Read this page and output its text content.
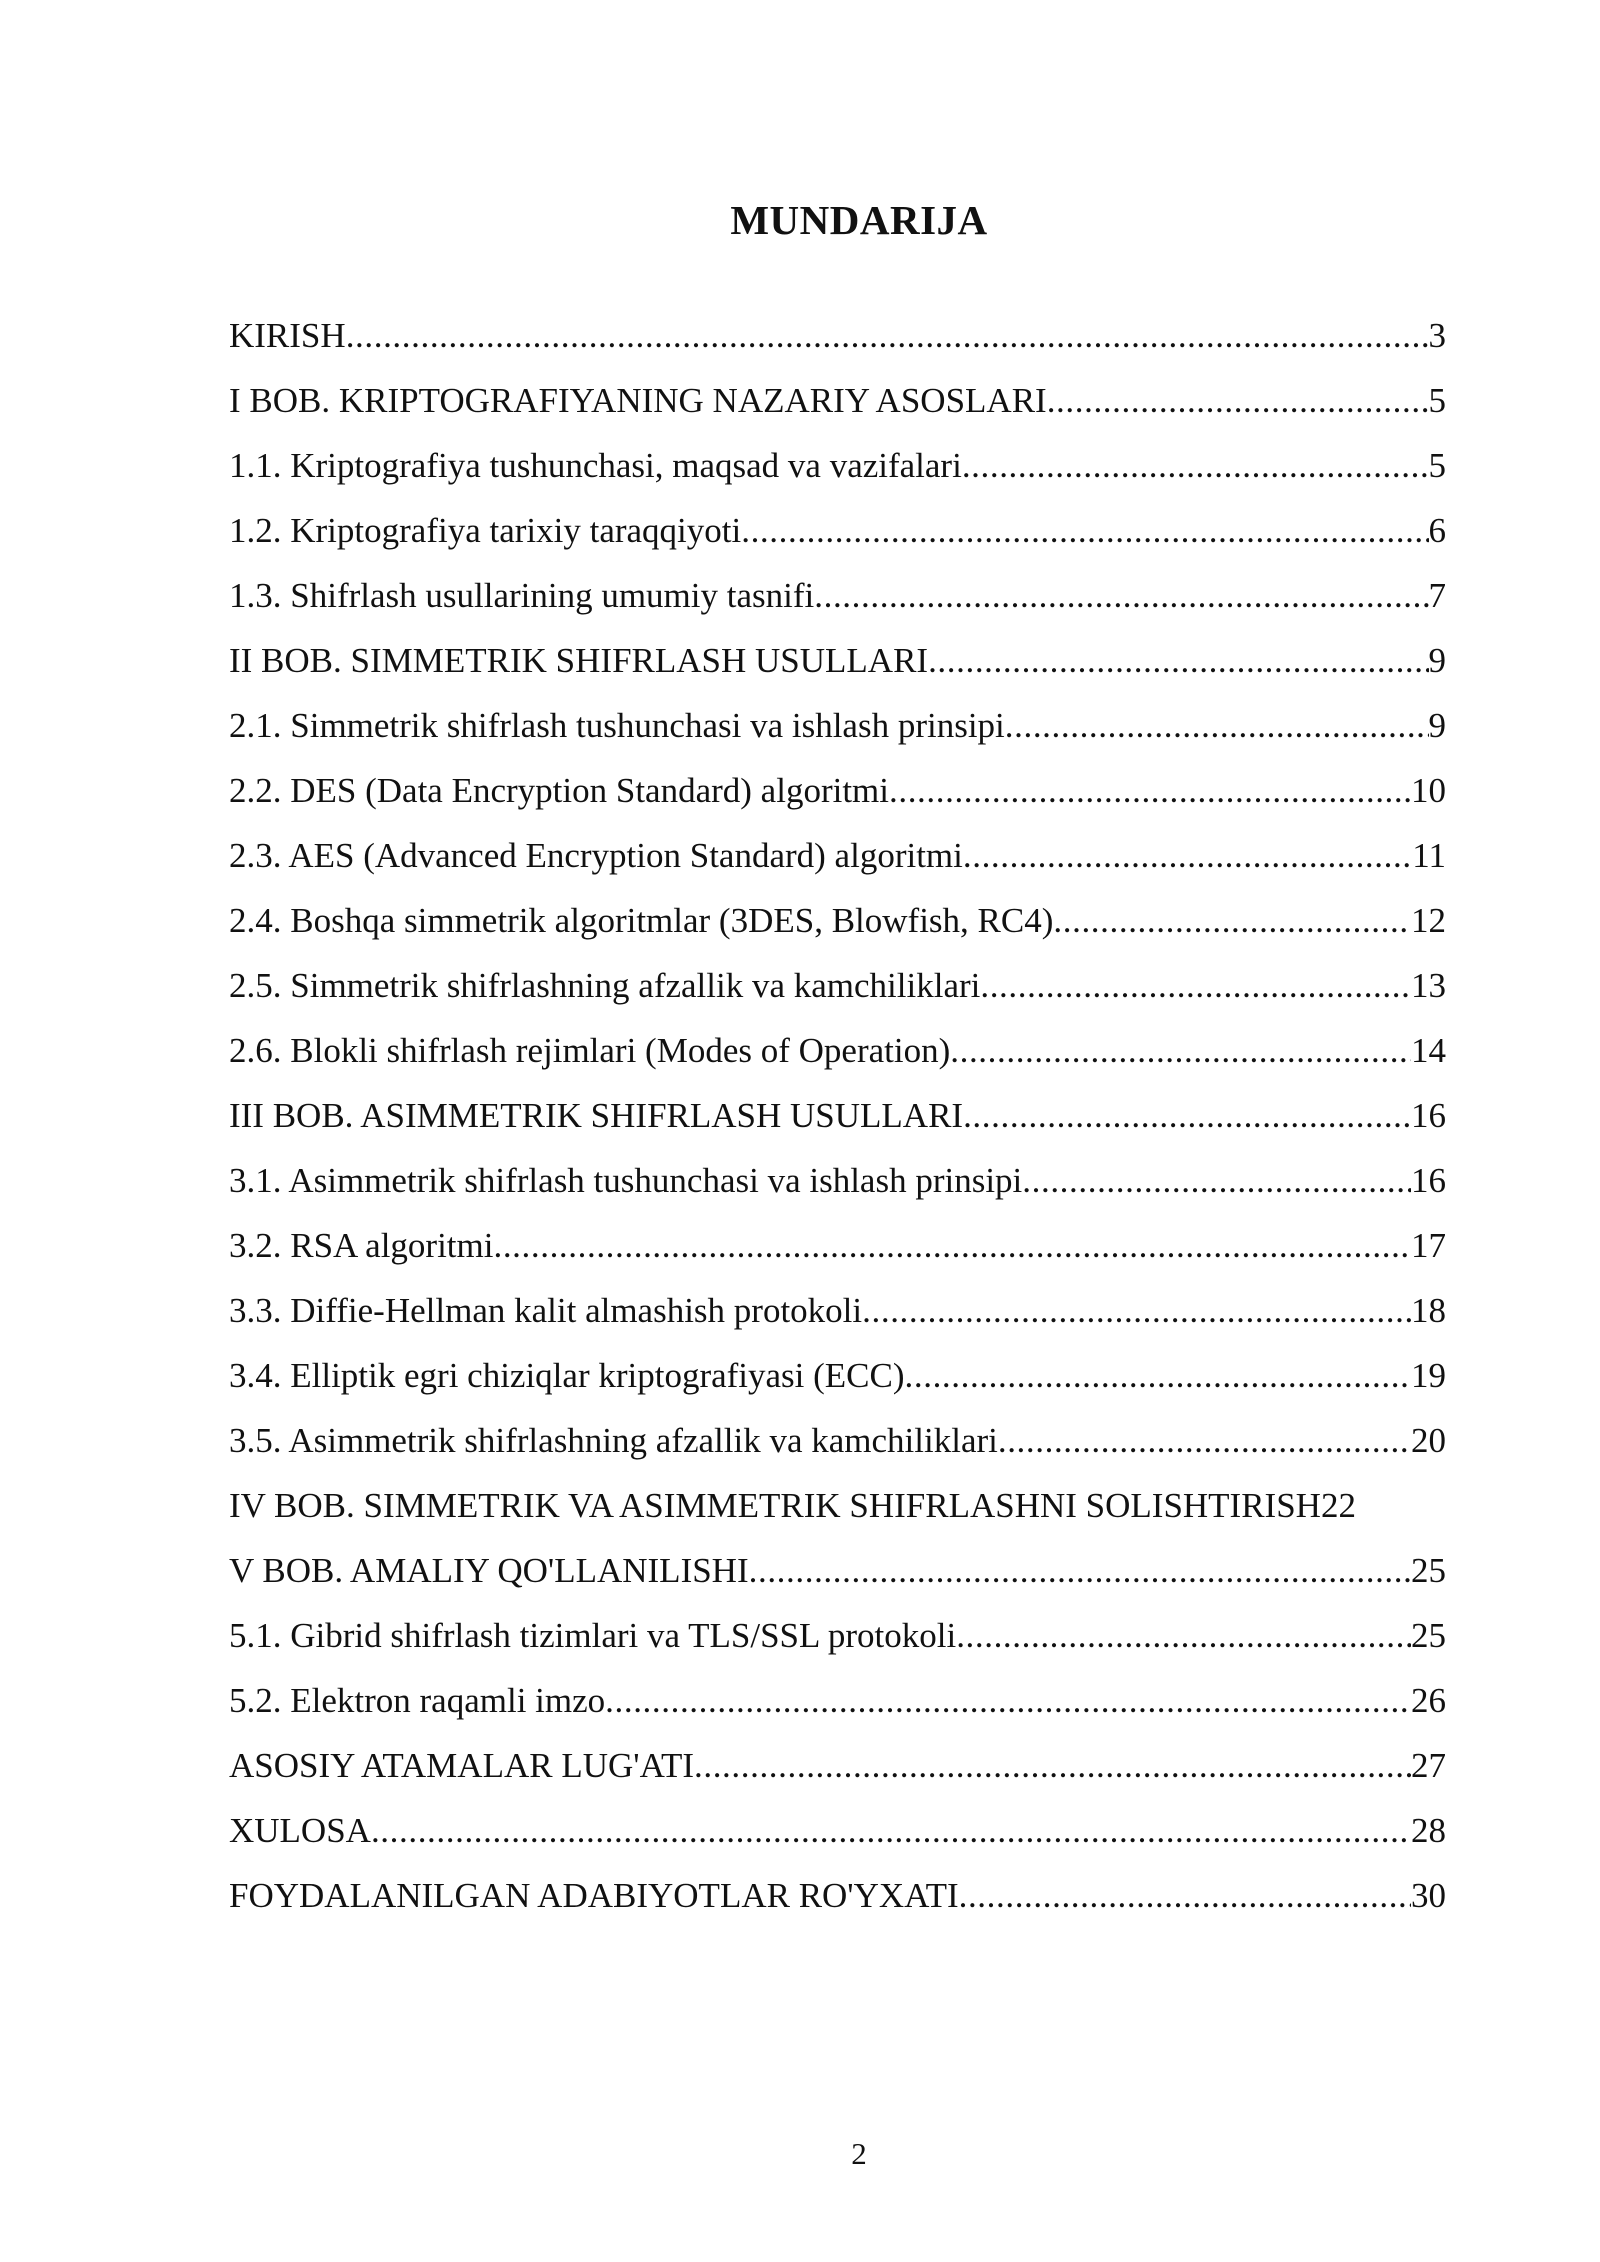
MUNDARIJA
KIRISH .....	3
I BOB. KRIPTOGRAFIYANING NAZARIY ASOSLARI .....	5
1.1. Kriptografiya tushunchasi, maqsad va vazifalari .....	5
1.2. Kriptografiya tarixiy taraqqiyoti .....	6
1.3. Shifrlash usullarining umumiy tasnifi .....	7
II BOB. SIMMETRIK SHIFRLASH USULLARI .....	9
2.1. Simmetrik shifrlash tushunchasi va ishlash prinsipi .....	9
2.2. DES (Data Encryption Standard) algoritmi .....	10
2.3. AES (Advanced Encryption Standard) algoritmi .....	11
2.4. Boshqa simmetrik algoritmlar (3DES, Blowfish, RC4) .....	12
2.5. Simmetrik shifrlashning afzallik va kamchiliklari .....	13
2.6. Blokli shifrlash rejimlari (Modes of Operation) .....	14
III BOB. ASIMMETRIK SHIFRLASH USULLARI .....	16
3.1. Asimmetrik shifrlash tushunchasi va ishlash prinsipi .....	16
3.2. RSA algoritmi .....	17
3.3. Diffie-Hellman kalit almashish protokoli .....	18
3.4. Elliptik egri chiziqlar kriptografiyasi (ECC) .....	19
3.5. Asimmetrik shifrlashning afzallik va kamchiliklari .....	20
IV BOB. SIMMETRIK VA ASIMMETRIK SHIFRLASHNI SOLISHTIRISH 22
V BOB. AMALIY QO'LLANILISHI .....	25
5.1. Gibrid shifrlash tizimlari va TLS/SSL protokoli .....	25
5.2. Elektron raqamli imzo .....	26
ASOSIY ATAMALAR LUG'ATI .....	27
XULOSA .....	28
FOYDALANILGAN ADABIYOTLAR RO'YXATI .....	30

2
